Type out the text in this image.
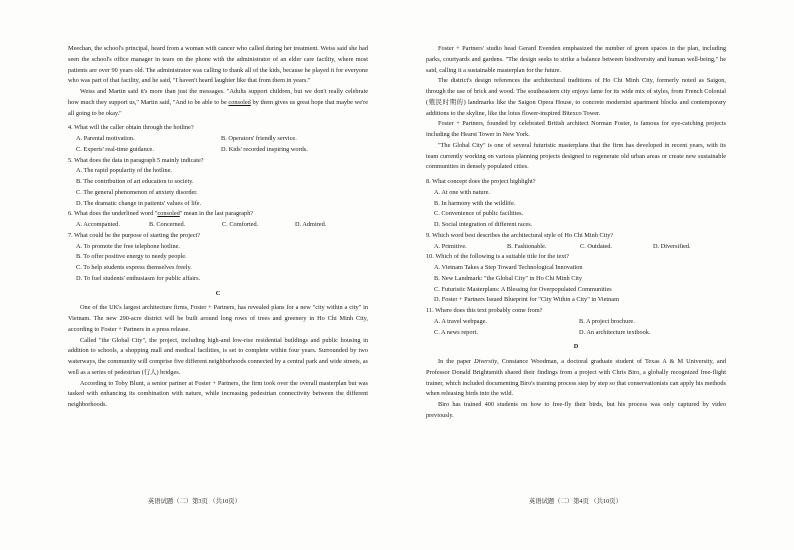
Meechan, the school's principal, heard from a woman with cancer who called during her treatment. Weiss said she had seen the school's office manager in tears on the phone with the administrator of an elder care facility, where most patients are over 90 years old. The administrator was calling to thank all of the kids, because he played it for everyone who was part of that facility, and he said, "I haven't heard laughter like that from them in years."

Weiss and Martin said it's more than just the messages. "Adults support children, but we don't really celebrate how much they support us," Martin said, "And to be able to be consoled by them gives us great hope that maybe we're all going to be okay."

4. What will the caller obtain through the hotline?

A. Parental motivation.	B. Operators' friendly service.
C. Experts' real-time guidance.	D. Kids' recorded inspiring words.

5. What does the data in paragraph 5 mainly indicate?

A. The rapid popularity of the hotline.

B. The contribution of art education to society.

C. The general phenomenon of anxiety disorder.

D. The dramatic change in patients' values of life.

6. What does the underlined word "consoled" mean in the last paragraph?

A. Accompanied.	B. Concerned.	C. Comforted.	D. Admired.

7. What could be the purpose of starting the project?

A. To promote the free telephone hotline.

B. To offer positive energy to needy people.

C. To help students express themselves freely.

D. To fuel students' enthusiasm for public affairs.

C

One of the UK's largest architecture firms, Foster + Partners, has revealed plans for a new "city within a city" in Vietnam. The new 290-acre district will be built around long rows of trees and greenery in Ho Chi Minh City, according to Foster + Partners in a press release.

Called "the Global City", the project, including high-and low-rise residential buildings and public housing in addition to schools, a shopping mall and medical facilities, is set to complete within four years. Surrounded by two waterways, the community will comprise five different neighborhoods connected by a central park and wide streets, as well as a series of pedestrian (行人) bridges.

According to Toby Blunt, a senior partner at Foster + Partners, the firm took over the overall masterplan but was tasked with enhancing its combination with nature, while increasing pedestrian connectivity between the different neighborhoods.

英语试题（二）第3页 （共10页）

Foster + Partners' studio head Gerard Evenden emphasized the number of green spaces in the plan, including parks, courtyards and gardens. "The design seeks to strike a balance between biodiversity and human well-being," he said, calling it a sustainable masterplan for the future.

The district's design references the architectural traditions of Ho Chi Minh City, formerly noted as Saigon, through the use of brick and wood. The southeastern city enjoys fame for its wide mix of styles, from French Colonial (殖民时期的) landmarks like the Saigon Opera House, to concrete modernist apartment blocks and contemporary additions to the skyline, like the lotus flower-inspired Bitexco Tower.

Foster + Partners, founded by celebrated British architect Norman Foster, is famous for eye-catching projects including the Hearst Tower in New York.

"The Global City" is one of several futuristic masterplans that the firm has developed in recent years, with its team currently working on various planning projects designed to regenerate old urban areas or create new sustainable communities in densely populated cities.

8. What concept does the project highlight?

A. At one with nature.

B. In harmony with the wildlife.

C. Convenience of public facilities.

D. Social integration of different races.

9. Which word best describes the architectural style of Ho Chi Minh City?

A. Primitive.	B. Fashionable.	C. Outdated.	D. Diversified.

10. Which of the following is a suitable title for the text?

A. Vietnam Takes a Step Toward Technological Innovation

B. New Landmark: "the Global City" in Ho Chi Minh City

C. Futuristic Masterplans: A Blessing for Overpopulated Communities

D. Foster + Partners Issued Blueprint for "City Within a City" in Vietnam

11. Where does this text probably come from?

A. A travel webpage.	B. A project brochure.
C. A news report.	D. An architecture textbook.

D

In the paper Diversity, Constance Woodman, a doctoral graduate student of Texas A & M University, and Professor Donald Brightsmith shared their findings from a project with Chris Biro, a globally recognized free-flight trainer, which included documenting Biro's training process step by step so that conservationists can apply his methods when releasing birds into the wild.

Biro has trained 400 students on how to free-fly their birds, but his process was only captured by video previously.

英语试题（二）第4页 （共10页）
